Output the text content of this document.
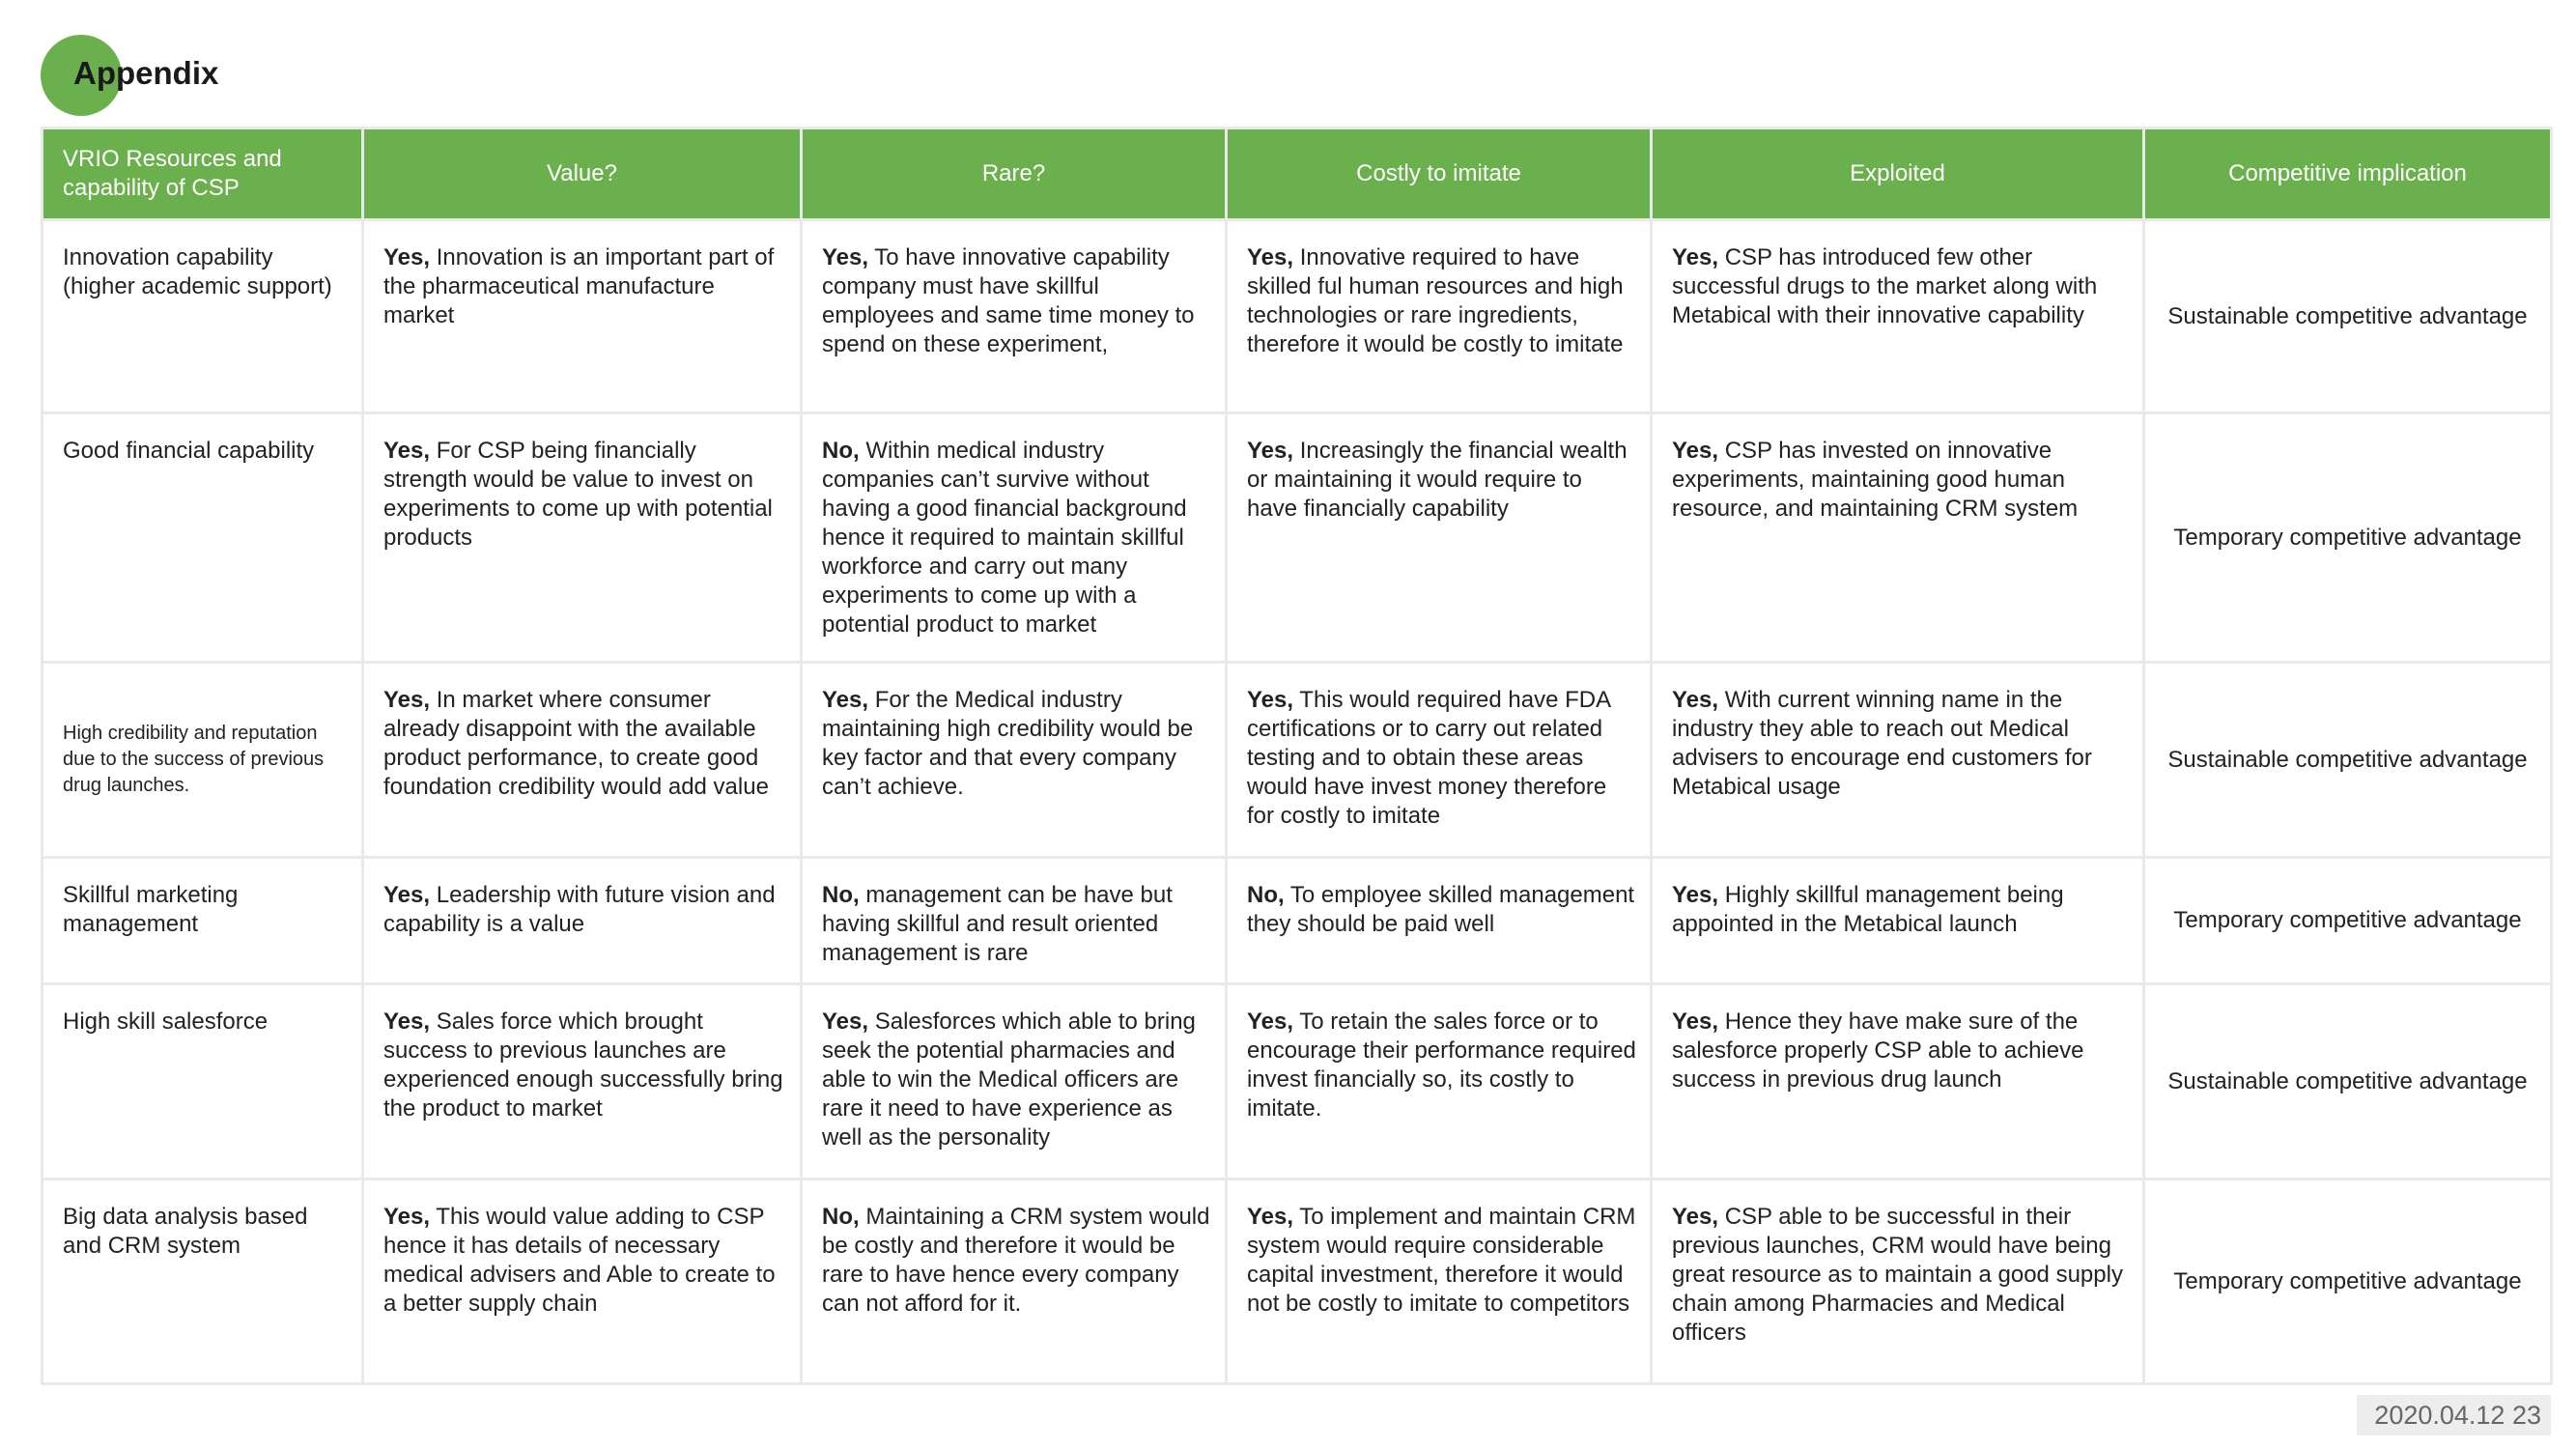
Appendix
VRIO Resources and capability of CSP	Value?	Rare?	Costly to imitate	Exploited	Competitive implication
Innovation capability (higher academic support)	Yes, Innovation is an important part of the pharmaceutical manufacture market	Yes, To have innovative capability company must have skillful employees and same time money to spend on these experiment,	Yes, Innovative required to have skilled ful human resources and high technologies or rare ingredients, therefore it would be costly to imitate	Yes, CSP has introduced few other successful drugs to the market along with Metabical with their innovative capability	Sustainable competitive advantage
Good financial capability	Yes, For CSP being financially strength would be value to invest on experiments to come up with potential products	No, Within medical industry companies can’t survive without having a good financial background hence it required to maintain skillful workforce and carry out many experiments to come up with a potential product to market	Yes, Increasingly the financial wealth or maintaining it would require to have financially capability	Yes, CSP has invested on innovative experiments, maintaining good human resource, and maintaining CRM system	Temporary competitive advantage
High credibility and reputation due to the success of previous drug launches.	Yes, In market where consumer already disappoint with the available product performance, to create good foundation credibility would add value	Yes, For the Medical industry maintaining high credibility would be key factor and that every company can’t achieve.	Yes, This would required have FDA certifications or to carry out related testing and to obtain these areas would have invest money therefore for costly to imitate	Yes, With current winning name in the industry they able to reach out Medical advisers to encourage end customers for Metabical usage	Sustainable competitive advantage
Skillful marketing management	Yes, Leadership with future vision and capability is a value	No, management can be have but having skillful and result oriented management is rare	No, To employee skilled management they should be paid well	Yes, Highly skillful management being appointed in the Metabical launch	Temporary competitive advantage
High skill salesforce	Yes, Sales force which brought success to previous launches are experienced enough successfully bring the product to market	Yes, Salesforces which able to bring seek the potential pharmacies and able to win the Medical officers are rare it need to have experience as well as the personality	Yes, To retain the sales force or to encourage their performance required invest financially so, its costly to imitate.	Yes, Hence they have make sure of the salesforce properly CSP able to achieve success in previous drug launch	Sustainable competitive advantage
Big data analysis based and CRM system	Yes, This would value adding to CSP hence it has details of necessary medical advisers and Able to create to a better supply chain	No, Maintaining a CRM system would be costly and therefore it would be rare to have hence every company can not afford for it.	Yes, To implement and maintain CRM system would require considerable capital investment, therefore it would not be costly to imitate to competitors	Yes, CSP able to be successful in their previous launches, CRM would have being great resource as to maintain a good supply chain among Pharmacies and Medical officers	Temporary competitive advantage
2020.04.12 23
